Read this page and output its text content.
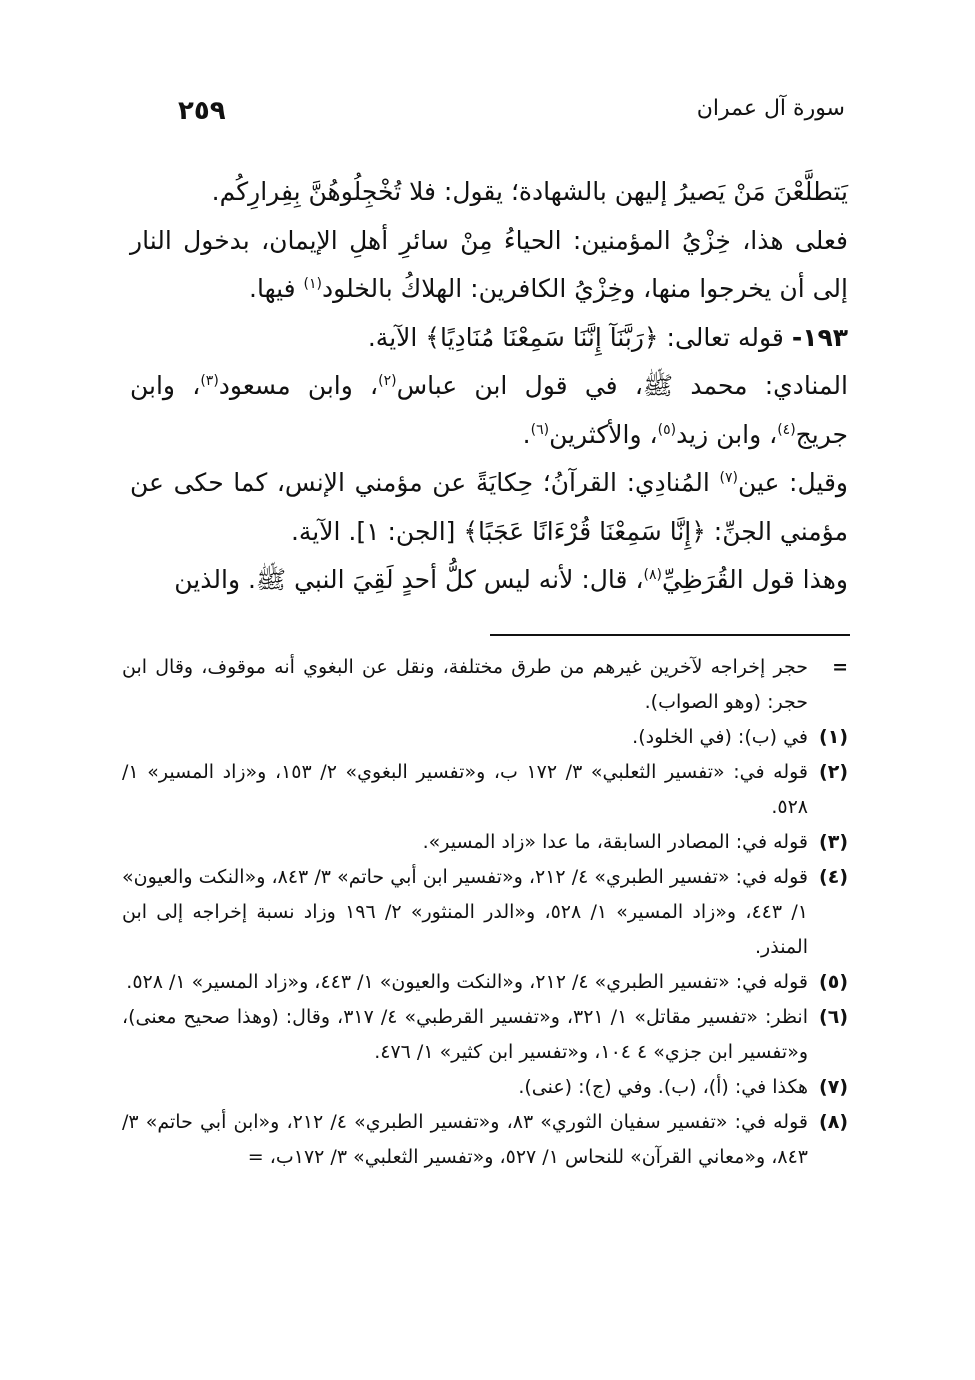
سورة آل عمران
٢٥٩

يَتطلَّعْنَ مَنْ يَصيرُ إليهن بالشهادة؛ يقول: فلا تُخْجِلُوهُنَّ بِفِرارِكُم.

فعلى هذا، خِزْيُ المؤمنين: الحياءُ مِنْ سائرِ أهلِ الإيمان، بدخول النار إلى أن يخرجوا منها، وخِزْيُ الكافرين: الهلاكُ بالخلود$^{(١)}$ فيها.

١٩٣- قوله تعالى: ﴿رَبَّنَآ إِنَّنَا سَمِعْنَا مُنَادِيًا﴾ الآية.

المنادي: محمد ﷺ، في قول ابن عباس$^{(٢)}$، وابن مسعود$^{(٣)}$، وابن جريج$^{(٤)}$، وابن زيد$^{(٥)}$، والأكثرين$^{(٦)}$.

وقيل: عين$^{(٧)}$ المُنادِي: القرآنُ؛ حِكايَةً عن مؤمني الإنس، كما حكى عن مؤمني الجنِّ: ﴿إِنَّا سَمِعْنَا قُرْءَانًا عَجَبًا﴾ [الجن: ١]. الآية.

وهذا قول القُرَظِيِّ$^{(٨)}$، قال: لأنه ليس كلُّ أحدٍ لَقِيَ النبي ﷺ. والذين

=
حجر إخراجه لآخرين غيرهم من طرق مختلفة، ونقل عن البغوي أنه موقوف، وقال ابن حجر: (وهو الصواب).
(١)
في (ب): (في الخلود).
(٢)
قوله في: «تفسير الثعلبي» ٣/ ١٧٢ ب، و«تفسير البغوي» ٢/ ١٥٣، و«زاد المسير» ١/ ٥٢٨.
(٣)
قوله في: المصادر السابقة، ما عدا «زاد المسير».
(٤)
قوله في: «تفسير الطبري» ٤/ ٢١٢، و«تفسير ابن أبي حاتم» ٣/ ٨٤٣، و«النكت والعيون» ١/ ٤٤٣، و«زاد المسير» ١/ ٥٢٨، و«الدر المنثور» ٢/ ١٩٦ وزاد نسبة إخراجه إلى ابن المنذر.
(٥)
قوله في: «تفسير الطبري» ٤/ ٢١٢، و«النكت والعيون» ١/ ٤٤٣، و«زاد المسير» ١/ ٥٢٨.
(٦)
انظر: «تفسير مقاتل» ١/ ٣٢١، و«تفسير القرطبي» ٤/ ٣١٧، وقال: (وهذا صحيح معنى)، و«تفسير ابن جزي» ٤ ١٠٤، و«تفسير ابن كثير» ١/ ٤٧٦.
(٧)
هكذا في: (أ)، (ب). وفي (ج): (عنى).
(٨)
قوله في: «تفسير سفيان الثوري» ٨٣، و«تفسير الطبري» ٤/ ٢١٢، و«ابن أبي حاتم» ٣/ ٨٤٣، و«معاني القرآن» للنحاس ١/ ٥٢٧، و«تفسير الثعلبي» ٣/ ١٧٢ب، =
